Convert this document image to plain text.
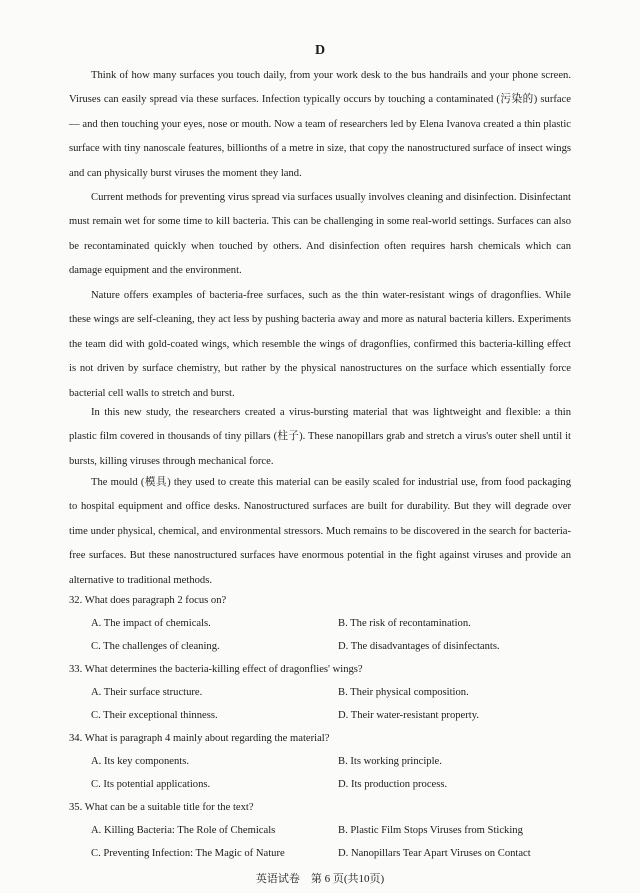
D

Think of how many surfaces you touch daily, from your work desk to the bus handrails and your phone screen. Viruses can easily spread via these surfaces. Infection typically occurs by touching a contaminated (污染的) surface — and then touching your eyes, nose or mouth. Now a team of researchers led by Elena Ivanova created a thin plastic surface with tiny nanoscale features, billionths of a metre in size, that copy the nanostructured surface of insect wings and can physically burst viruses the moment they land.

Current methods for preventing virus spread via surfaces usually involves cleaning and disinfection. Disinfectant must remain wet for some time to kill bacteria. This can be challenging in some real-world settings. Surfaces can also be recontaminated quickly when touched by others. And disinfection often requires harsh chemicals which can damage equipment and the environment.

Nature offers examples of bacteria-free surfaces, such as the thin water-resistant wings of dragonflies. While these wings are self-cleaning, they act less by pushing bacteria away and more as natural bacteria killers. Experiments the team did with gold-coated wings, which resemble the wings of dragonflies, confirmed this bacteria-killing effect is not driven by surface chemistry, but rather by the physical nanostructures on the surface which essentially force bacterial cell walls to stretch and burst.

In this new study, the researchers created a virus-bursting material that was lightweight and flexible: a thin plastic film covered in thousands of tiny pillars (柱子). These nanopillars grab and stretch a virus's outer shell until it bursts, killing viruses through mechanical force.

The mould (模具) they used to create this material can be easily scaled for industrial use, from food packaging to hospital equipment and office desks. Nanostructured surfaces are built for durability. But they will degrade over time under physical, chemical, and environmental stressors. Much remains to be discovered in the search for bacteria-free surfaces. But these nanostructured surfaces have enormous potential in the fight against viruses and provide an alternative to traditional methods.

32. What does paragraph 2 focus on?
A. The impact of chemicals.	B. The risk of recontamination.
C. The challenges of cleaning.	D. The disadvantages of disinfectants.
33. What determines the bacteria-killing effect of dragonflies' wings?
A. Their surface structure.	B. Their physical composition.
C. Their exceptional thinness.	D. Their water-resistant property.
34. What is paragraph 4 mainly about regarding the material?
A. Its key components.	B. Its working principle.
C. Its potential applications.	D. Its production process.
35. What can be a suitable title for the text?
A. Killing Bacteria: The Role of Chemicals	B. Plastic Film Stops Viruses from Sticking
C. Preventing Infection: The Magic of Nature	D. Nanopillars Tear Apart Viruses on Contact
英语试卷　第 6 页(共10页)
